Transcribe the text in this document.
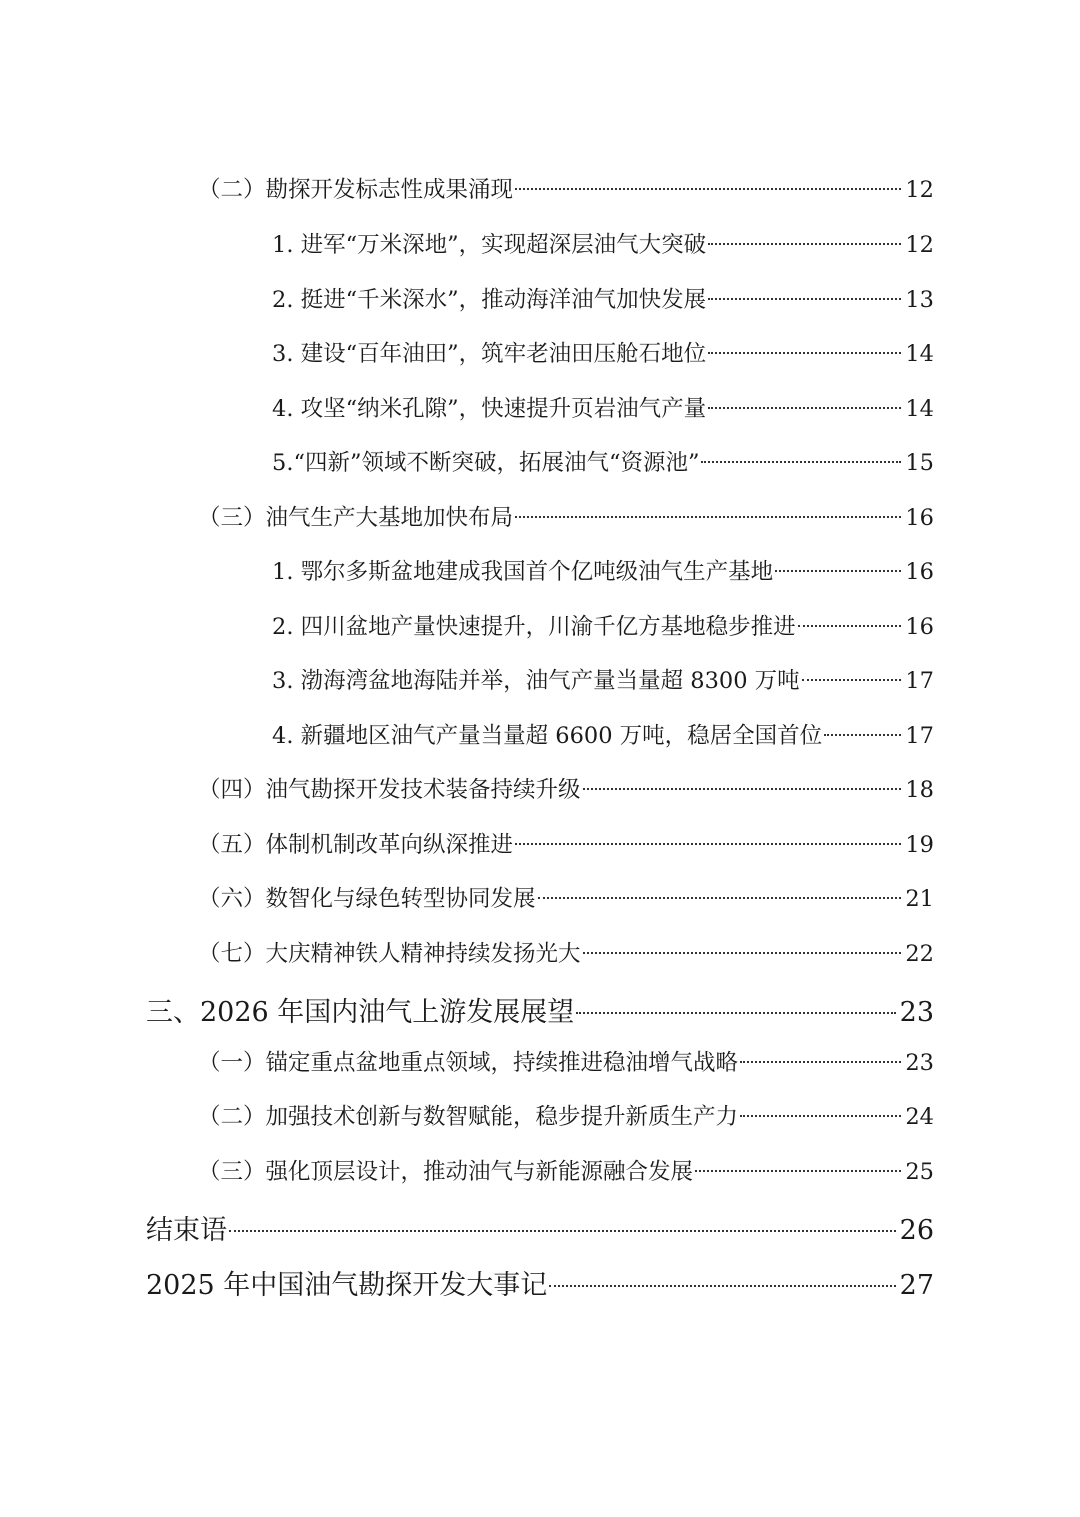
（二）勘探开发标志性成果涌现	12
1. 进军“万米深地”，实现超深层油气大突破	12
2. 挺进“千米深水”，推动海洋油气加快发展	13
3. 建设“百年油田”，筑牢老油田压舱石地位	14
4. 攻坚“纳米孔隙”，快速提升页岩油气产量	14
5.“四新”领域不断突破，拓展油气“资源池”	15
（三）油气生产大基地加快布局	16
1. 鄂尔多斯盆地建成我国首个亿吨级油气生产基地	16
2. 四川盆地产量快速提升，川渝千亿方基地稳步推进	16
3. 渤海湾盆地海陆并举，油气产量当量超 8300 万吨	17
4. 新疆地区油气产量当量超 6600 万吨，稳居全国首位	17
（四）油气勘探开发技术装备持续升级	18
（五）体制机制改革向纵深推进	19
（六）数智化与绿色转型协同发展	21
（七）大庆精神铁人精神持续发扬光大	22
三、2026 年国内油气上游发展展望	23
（一）锚定重点盆地重点领域，持续推进稳油增气战略	23
（二）加强技术创新与数智赋能，稳步提升新质生产力	24
（三）强化顶层设计，推动油气与新能源融合发展	25
结束语	26
2025 年中国油气勘探开发大事记	27
